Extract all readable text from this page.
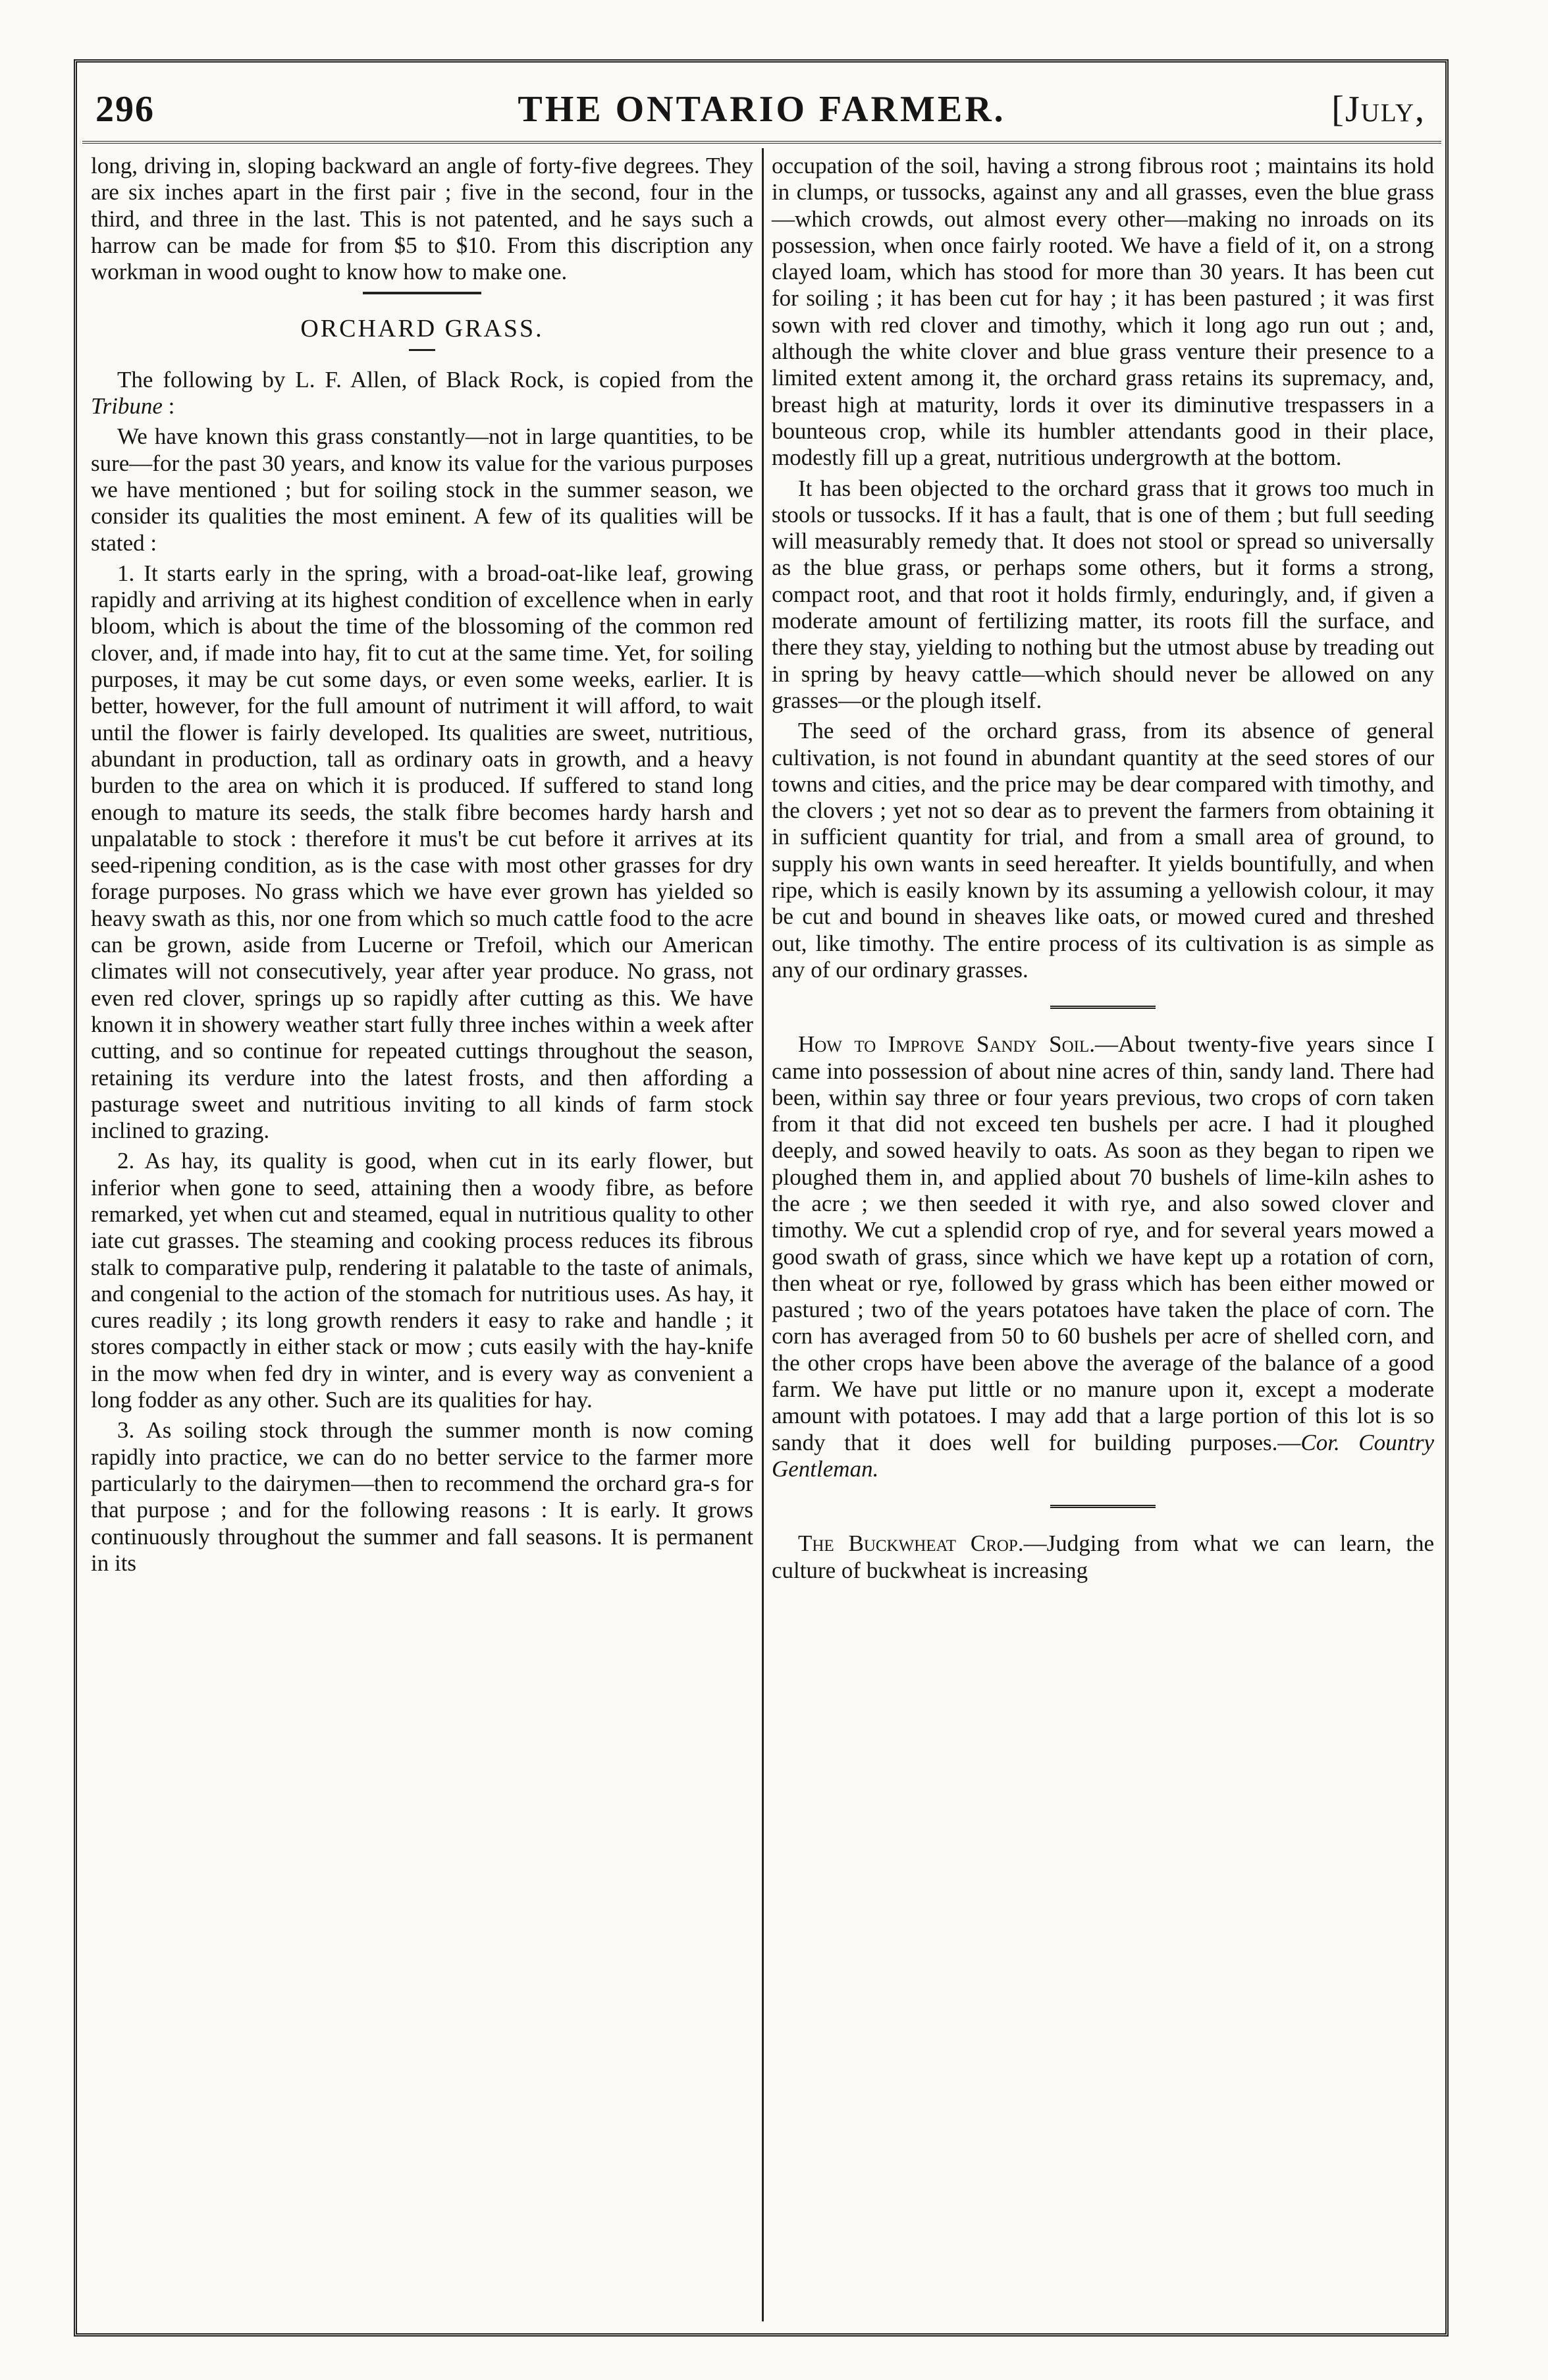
THE ONTARIO FARMER.
296	[July,

long, driving in, sloping backward an angle of forty-five degrees. They are six inches apart in the first pair ; five in the second, four in the third, and three in the last. This is not patented, and he says such a harrow can be made for from $5 to $10. From this discription any workman in wood ought to know how to make one.

ORCHARD GRASS.

The following by L. F. Allen, of Black Rock, is copied from the Tribune :

We have known this grass constantly—not in large quantities, to be sure—for the past 30 years, and know its value for the various purposes we have mentioned ; but for soiling stock in the summer season, we consider its qualities the most eminent. A few of its qualities will be stated :

1. It starts early in the spring, with a broad-oat-like leaf, growing rapidly and arriving at its highest condition of excellence when in early bloom, which is about the time of the blossoming of the common red clover, and, if made into hay, fit to cut at the same time. Yet, for soiling purposes, it may be cut some days, or even some weeks, earlier. It is better, however, for the full amount of nutriment it will afford, to wait until the flower is fairly developed. Its qualities are sweet, nutritious, abundant in production, tall as ordinary oats in growth, and a heavy burden to the area on which it is produced. If suffered to stand long enough to mature its seeds, the stalk fibre becomes hardy harsh and unpalatable to stock : therefore it mus't be cut before it arrives at its seed-ripening condition, as is the case with most other grasses for dry forage purposes. No grass which we have ever grown has yielded so heavy swath as this, nor one from which so much cattle food to the acre can be grown, aside from Lucerne or Trefoil, which our American climates will not consecutively, year after year produce. No grass, not even red clover, springs up so rapidly after cutting as this. We have known it in showery weather start fully three inches within a week after cutting, and so continue for repeated cuttings throughout the season, retaining its verdure into the latest frosts, and then affording a pasturage sweet and nutritious inviting to all kinds of farm stock inclined to grazing.

2. As hay, its quality is good, when cut in its early flower, but inferior when gone to seed, attaining then a woody fibre, as before remarked, yet when cut and steamed, equal in nutritious quality to other iate cut grasses. The steaming and cooking process reduces its fibrous stalk to comparative pulp, rendering it palatable to the taste of animals, and congenial to the action of the stomach for nutritious uses. As hay, it cures readily ; its long growth renders it easy to rake and handle ; it stores compactly in either stack or mow ; cuts easily with the hay-knife in the mow when fed dry in winter, and is every way as convenient a long fodder as any other. Such are its qualities for hay.

3. As soiling stock through the summer month is now coming rapidly into practice, we can do no better service to the farmer more particularly to the dairymen—then to recommend the orchard gra-s for that purpose ; and for the following reasons : It is early. It grows continuously throughout the summer and fall seasons. It is permanent in its

occupation of the soil, having a strong fibrous root ; maintains its hold in clumps, or tussocks, against any and all grasses, even the blue grass—which crowds, out almost every other—making no inroads on its possession, when once fairly rooted. We have a field of it, on a strong clayed loam, which has stood for more than 30 years. It has been cut for soiling ; it has been cut for hay ; it has been pastured ; it was first sown with red clover and timothy, which it long ago run out ; and, although the white clover and blue grass venture their presence to a limited extent among it, the orchard grass retains its supremacy, and, breast high at maturity, lords it over its diminutive trespassers in a bounteous crop, while its humbler attendants good in their place, modestly fill up a great, nutritious undergrowth at the bottom.

It has been objected to the orchard grass that it grows too much in stools or tussocks. If it has a fault, that is one of them ; but full seeding will measurably remedy that. It does not stool or spread so universally as the blue grass, or perhaps some others, but it forms a strong, compact root, and that root it holds firmly, enduringly, and, if given a moderate amount of fertilizing matter, its roots fill the surface, and there they stay, yielding to nothing but the utmost abuse by treading out in spring by heavy cattle—which should never be allowed on any grasses—or the plough itself.

The seed of the orchard grass, from its absence of general cultivation, is not found in abundant quantity at the seed stores of our towns and cities, and the price may be dear compared with timothy, and the clovers ; yet not so dear as to prevent the farmers from obtaining it in sufficient quantity for trial, and from a small area of ground, to supply his own wants in seed hereafter. It yields bountifully, and when ripe, which is easily known by its assuming a yellowish colour, it may be cut and bound in sheaves like oats, or mowed cured and threshed out, like timothy. The entire process of its cultivation is as simple as any of our ordinary grasses.

How to Improve Sandy Soil.—About twenty-five years since I came into possession of about nine acres of thin, sandy land. There had been, within say three or four years previous, two crops of corn taken from it that did not exceed ten bushels per acre. I had it ploughed deeply, and sowed heavily to oats. As soon as they began to ripen we ploughed them in, and applied about 70 bushels of lime-kiln ashes to the acre ; we then seeded it with rye, and also sowed clover and timothy. We cut a splendid crop of rye, and for several years mowed a good swath of grass, since which we have kept up a rotation of corn, then wheat or rye, followed by grass which has been either mowed or pastured ; two of the years potatoes have taken the place of corn. The corn has averaged from 50 to 60 bushels per acre of shelled corn, and the other crops have been above the average of the balance of a good farm. We have put little or no manure upon it, except a moderate amount with potatoes. I may add that a large portion of this lot is so sandy that it does well for building purposes.—Cor. Country Gentleman.

The Buckwheat Crop.—Judging from what we can learn, the culture of buckwheat is increasing
